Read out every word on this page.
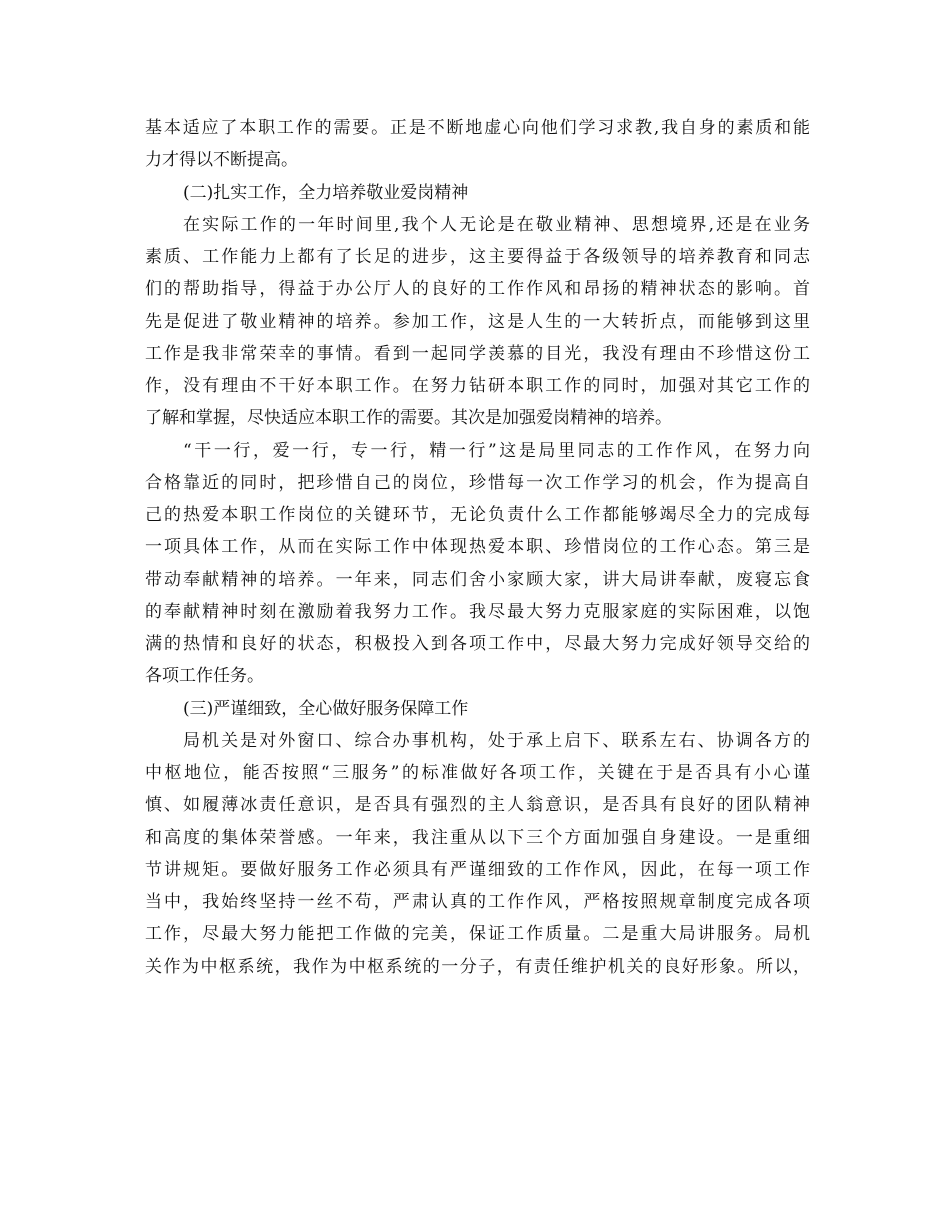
基本适应了本职工作的需要。正是不断地虚心向他们学习求教,我自身的素质和能
力才得以不断提高。
(二)扎实工作，全力培养敬业爱岗精神
在实际工作的一年时间里,我个人无论是在敬业精神、思想境界,还是在业务
素质、工作能力上都有了长足的进步，这主要得益于各级领导的培养教育和同志
们的帮助指导，得益于办公厅人的良好的工作作风和昂扬的精神状态的影响。首
先是促进了敬业精神的培养。参加工作，这是人生的一大转折点，而能够到这里
工作是我非常荣幸的事情。看到一起同学羡慕的目光，我没有理由不珍惜这份工
作，没有理由不干好本职工作。在努力钻研本职工作的同时，加强对其它工作的
了解和掌握，尽快适应本职工作的需要。其次是加强爱岗精神的培养。
“干一行，爱一行，专一行，精一行”这是局里同志的工作作风，在努力向
合格靠近的同时，把珍惜自己的岗位，珍惜每一次工作学习的机会，作为提高自
己的热爱本职工作岗位的关键环节，无论负责什么工作都能够竭尽全力的完成每
一项具体工作，从而在实际工作中体现热爱本职、珍惜岗位的工作心态。第三是
带动奉献精神的培养。一年来，同志们舍小家顾大家，讲大局讲奉献，废寝忘食
的奉献精神时刻在激励着我努力工作。我尽最大努力克服家庭的实际困难，以饱
满的热情和良好的状态，积极投入到各项工作中，尽最大努力完成好领导交给的
各项工作任务。
(三)严谨细致，全心做好服务保障工作
局机关是对外窗口、综合办事机构，处于承上启下、联系左右、协调各方的
中枢地位，能否按照“三服务”的标准做好各项工作，关键在于是否具有小心谨
慎、如履薄冰责任意识，是否具有强烈的主人翁意识，是否具有良好的团队精神
和高度的集体荣誉感。一年来，我注重从以下三个方面加强自身建设。一是重细
节讲规矩。要做好服务工作必须具有严谨细致的工作作风，因此，在每一项工作
当中，我始终坚持一丝不苟，严肃认真的工作作风，严格按照规章制度完成各项
工作，尽最大努力能把工作做的完美，保证工作质量。二是重大局讲服务。局机
关作为中枢系统，我作为中枢系统的一分子，有责任维护机关的良好形象。所以，
